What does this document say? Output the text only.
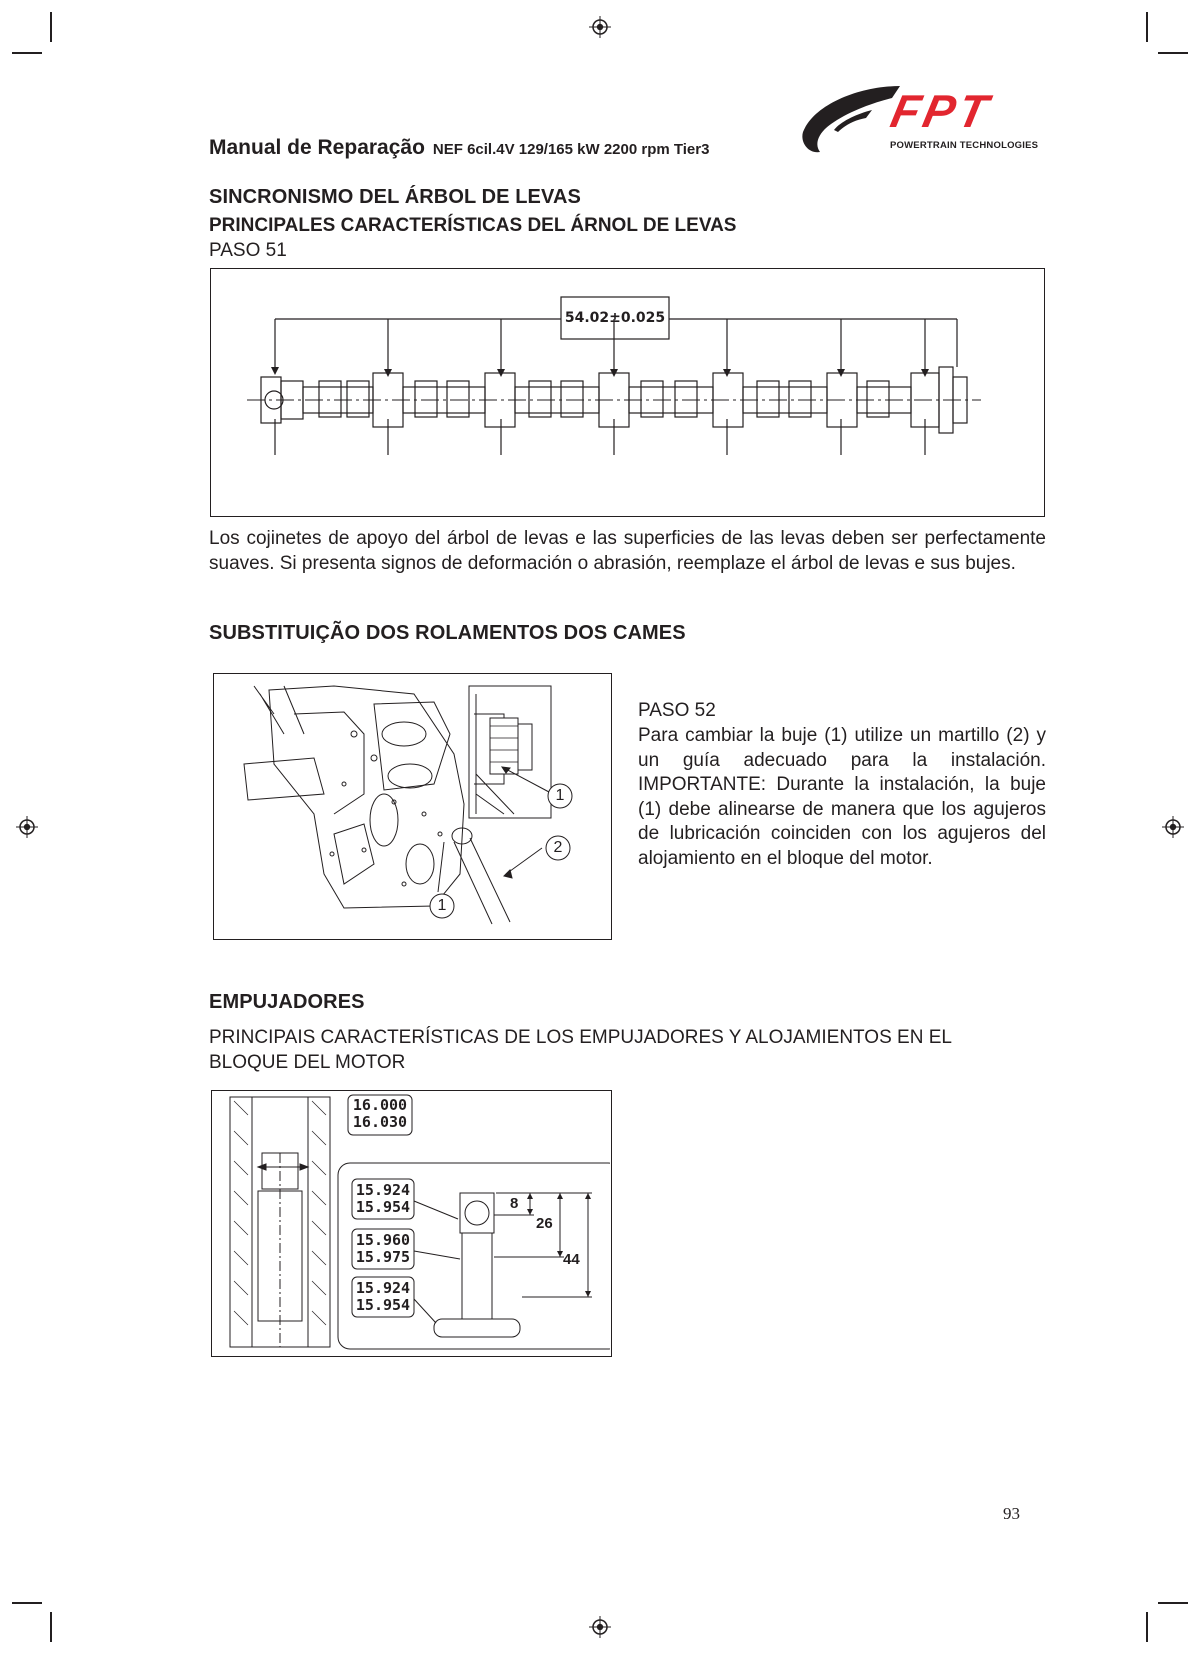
Manual de Reparação NEF 6cil.4V 129/165 kW 2200 rpm Tier3
FPT
POWERTRAIN TECHNOLOGIES
SINCRONISMO DEL ÁRBOL DE LEVAS
PRINCIPALES CARACTERÍSTICAS DEL ÁRNOL DE LEVAS
PASO 51
54.02±0.025
Los cojinetes de apoyo del árbol de levas e las superficies de las levas deben ser perfectamente suaves. Si presenta signos de deformación o abrasión, reemplaze el árbol de levas e sus bujes.
SUBSTITUIÇÃO DOS ROLAMENTOS DOS CAMES
1
2
1
PASO 52
Para cambiar la buje (1) utilize un martillo (2) y un guía adecuado para la instalación. IMPORTANTE: Durante la instalación, la buje (1) debe alinearse de manera que los agujeros de lubricación coinciden con los agujeros del alojamiento en el bloque del motor.
EMPUJADORES
PRINCIPAIS CARACTERÍSTICAS DE LOS EMPUJADORES Y ALOJAMIENTOS EN EL
BLOQUE DEL MOTOR
16.000
16.030
15.924
15.954
15.960
15.975
15.924
15.954
8
26
44
93
